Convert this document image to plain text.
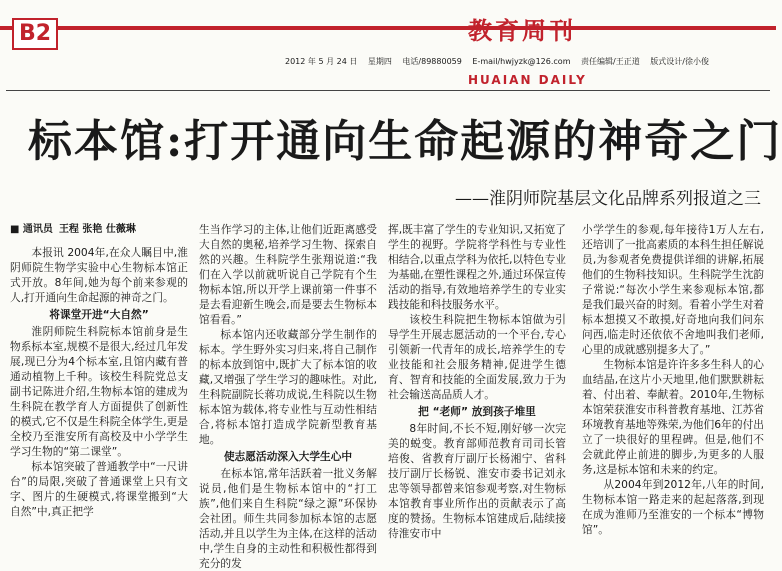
B2	教育周刊
2012 年 5 月 24 日 星期四 电话/89880059 E-mail/hwjyzk@126.com 责任编辑/王正道 版式设计/徐小俊
HUAIAN DAILY
标本馆:打开通向生命起源的神奇之门
——淮阴师院基层文化品牌系列报道之三
■ 通讯员 王程 张艳 仕薇琳

本报讯 2004年,在众人瞩目中,淮阴师院生物学实验中心生物标本馆正式开放。8年间,她为每个前来参观的人,打开通向生命起源的神奇之门。

将课堂开进“大自然”

淮阴师院生科院标本馆前身是生物系标本室,规模不是很大,经过几年发展,现已分为4个标本室,且馆内藏有普通动植物上千种。该校生科院党总支副书记陈进介绍,生物标本馆的建成为生科院在教学育人方面提供了创新性的模式,它不仅是生科院全体学生,更是全校乃至淮安所有高校及中小学学生学习生物的“第二课堂”。

标本馆突破了普通教学中“一尺讲台”的局限,突破了普通课堂上只有文字、图片的生硬模式,将课堂搬到“大自然”中,真正把学

生当作学习的主体,让他们近距离感受大自然的奥秘,培养学习生物、探索自然的兴趣。生科院学生张翔说道:“我们在入学以前就听说自己学院有个生物标本馆,所以开学上课前第一件事不是去看迎新生晚会,而是要去生物标本馆看看。”

标本馆内还收藏部分学生制作的标本。学生野外实习归来,将自己制作的标本放到馆中,既扩大了标本馆的收藏,又增强了学生学习的趣味性。对此,生科院副院长蒋功成说,生科院以生物标本馆为载体,将专业性与互动性相结合,将标本馆打造成学院新型教育基地。

使志愿活动深入大学生心中

在标本馆,常年活跃着一批义务解说员,他们是生物标本馆中的“打工族”,他们来自生科院“绿之源”环保协会社团。师生共同参加标本馆的志愿活动,并且以学生为主体,在这样的活动中,学生自身的主动性和积极性都得到充分的发

挥,既丰富了学生的专业知识,又拓宽了学生的视野。学院将学科性与专业性相结合,以重点学科为依托,以特色专业为基础,在塑性课程之外,通过环保宣传活动的指导,有效地培养学生的专业实践技能和科技服务水平。

该校生科院把生物标本馆做为引导学生开展志愿活动的一个平台,专心引领新一代青年的成长,培养学生的专业技能和社会服务精神,促进学生德育、智育和技能的全面发展,致力于为社会输送高品质人才。

把 “老师” 放到孩子堆里

8年时间,不长不短,刚好够一次完美的蜕变。教育部师范教育司司长管培俊、省教育厅副厅长杨湘宁、省科技厅副厅长杨锐、淮安市委书记刘永忠等领导都曾来馆参观考察,对生物标本馆教育事业所作出的贡献表示了高度的赞扬。生物标本馆建成后,陆续接待淮安市中

小学学生的参观,每年接待1万人左右,还培训了一批高素质的本科生担任解说员,为参观者免费提供详细的讲解,拓展他们的生物科技知识。生科院学生沈韵子常说:“每次小学生来参观标本馆,都是我们最兴奋的时刻。看着小学生对着标本想摸又不敢摸,好奇地向我们问东问西,临走时还依依不舍地叫我们老师,心里的成就感别提多大了。”

生物标本馆是许许多多生科人的心血结晶,在这片小天地里,他们默默耕耘着、付出着、奉献着。2010年,生物标本馆荣获淮安市科普教育基地、江苏省环境教育基地等殊荣,为他们6年的付出立了一块很好的里程碑。但是,他们不会就此停止前进的脚步,为更多的人服务,这是标本馆和未来的约定。

从2004年到2012年,八年的时间,生物标本馆一路走来的起起落落,到现在成为淮师乃至淮安的一个标本“博物馆”。
